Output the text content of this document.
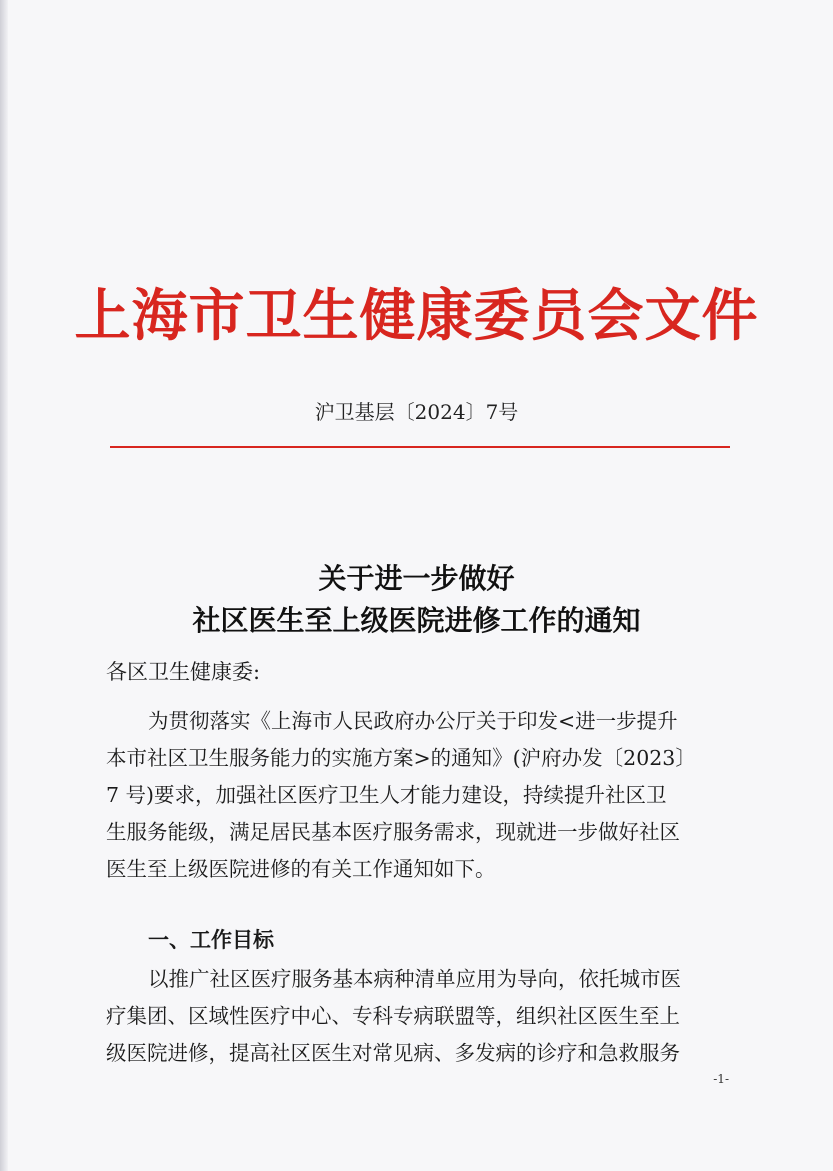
上海市卫生健康委员会文件
沪卫基层〔2024〕7号
关于进一步做好
社区医生至上级医院进修工作的通知
各区卫生健康委:
为贯彻落实《上海市人民政府办公厅关于印发<进一步提升
本市社区卫生服务能力的实施方案>的通知》(沪府办发〔2023〕
7 号)要求，加强社区医疗卫生人才能力建设，持续提升社区卫
生服务能级，满足居民基本医疗服务需求，现就进一步做好社区
医生至上级医院进修的有关工作通知如下。
一、工作目标
以推广社区医疗服务基本病种清单应用为导向，依托城市医
疗集团、区域性医疗中心、专科专病联盟等，组织社区医生至上
级医院进修，提高社区医生对常见病、多发病的诊疗和急救服务
-1-
